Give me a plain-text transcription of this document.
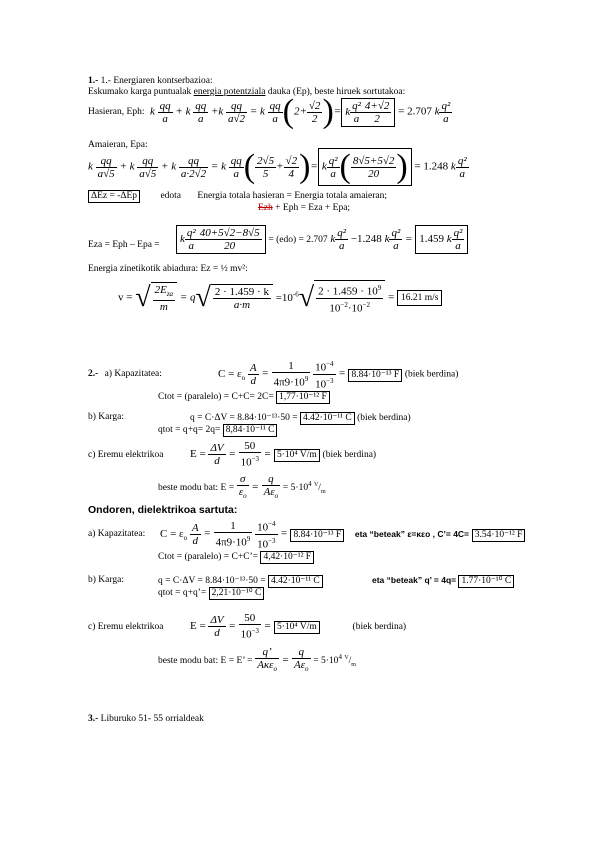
1.- 1.- Energiaren kontserbazioa:
Eskumako karga puntualak energia potentziala dauka (Ep), beste hiruek sortutakoa:
Hasieran, Eph: k $\frac{qq}{a} + k \frac{qq}{a} +k \frac{qq}{a√2} = k \frac{qq}{a} (2+ \frac{√2}{2}$ )= k $\frac{\text{q²}}{a} \frac{4+√2}{2} = 2.707$ k $\frac{\text{q²}}{a}$
Amaieran, Epa:
k $\frac{qq}{a√5} + k \frac{qq}{a√5} + k \frac{qq}{a\cdot 2√2} = k \frac{qq}{a}$ ( $\frac{2√5}{5} + \frac{√2}{4}$ )= k $\frac{\text{q²}}{a}$ ( $\frac{8√5+5√2}{20}$ ) = 1.248 k $\frac{\text{q²}}{a}$
ΔEz = -ΔEp edota Energia totala hasieran = Energia totala amaieran;
Ezh + Eph = Eza + Epa;
Eza = Eph – Epa =	k $\frac{\text{q²}}{a} \frac{40+5√2-8√5}{20} = (edo) = 2.707$ k $\frac{\text{q²}}{a} -1.248$ k $\frac{\text{q²}}{a} = 1.459$ k $\frac{\text{q²}}{a}$
Energia zinetikotik abiadura: Ez = ½ mv²:
v = √ $\frac{2E_{za}}{m} = q√ \frac{2 \cdot 1.459 \cdot k}{a\cdot m} =10^{-6}√ \frac{2 \cdot 1.459 \cdot 10^9}{10^{-2}\cdot 10^{-2}} = 16.21$ m/s
2.- a) Kapazitatea:	$C = \varepsilon_o \frac{A}{d} = \frac{1}{4\pi 9\cdot 10^9}$
$\frac{10^{-4}}{10^{-3}} = 8.84\cdot 10^{-13}$ F (biek berdina)
Ctot = (paralelo) = C+C= 2C= 1,77·10⁻¹² F
b) Karga:	q = C·ΔV = 8.84·10⁻¹³·50 = 4.42·10⁻¹¹ C (biek berdina)
qtot = q+q= 2q= 8,84·10⁻¹¹ C
c) Eremu elektrikoa $E = \frac{\Delta V}{d} = \frac{50}{10^{-3}} = 5\cdot 10^4$ V/m (biek berdina)
beste modu bat: $E = \frac{\sigma}{\varepsilon_o} = \frac{q}{A\varepsilon_o} = 5\cdot 10^4$ $^V/_m$
Ondoren, dielektrikoa sartuta:
a) Kapazitatea: $C = \varepsilon_o \frac{A}{d} = \frac{1}{4\pi 9\cdot 10^9}$
$\frac{10^{-4}}{10^{-3}} = 8.84\cdot 10^{-13}$ F eta “beteak” ε=κεo , C’= 4C= 3.54·10⁻¹² F
Ctot = (paralelo) = C+C’= 4,42·10⁻¹² F
b) Karga:	q = C·ΔV = 8.84·10⁻¹³·50 = 4.42·10⁻¹¹ C	eta “beteak” q’ = 4q= 1.77·10⁻¹⁰ C
qtot = q+q’= 2,21·10⁻¹⁰ C
c) Eremu elektrikoa $E = \frac{\Delta V}{d} = \frac{50}{10^{-3}} = 5\cdot 10^4$ V/m	(biek berdina)
beste modu bat: E = E’ = $\frac{q’}{A\kappa\varepsilon_o} = \frac{q}{A\varepsilon_o} = 5\cdot 10^4$ $^V/_m$
3.- Liburuko 51- 55 orrialdeak
